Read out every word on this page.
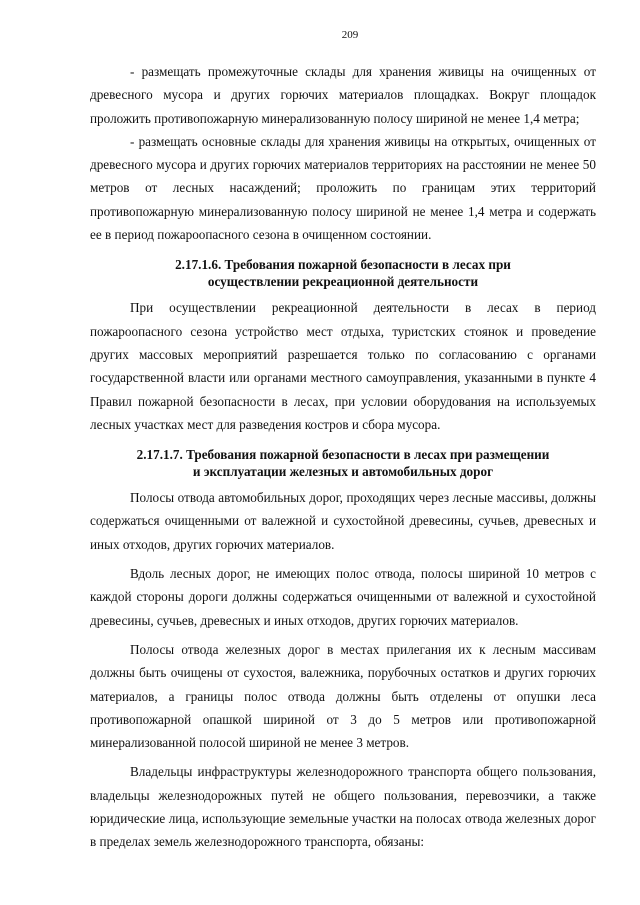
209

- размещать промежуточные склады для хранения живицы на очищенных от древесного мусора и других горючих материалов площадках. Вокруг площадок проложить противопожарную минерализованную полосу шириной не менее 1,4 метра;

- размещать основные склады для хранения живицы на открытых, очищенных от древесного мусора и других горючих материалов территориях на расстоянии не менее 50 метров от лесных насаждений; проложить по границам этих территорий противопожарную минерализованную полосу шириной не менее 1,4 метра и содержать ее в период пожароопасного сезона в очищенном состоянии.

2.17.1.6. Требования пожарной безопасности в лесах при
осуществлении рекреационной деятельности

При осуществлении рекреационной деятельности в лесах в период пожароопасного сезона устройство мест отдыха, туристских стоянок и проведение других массовых мероприятий разрешается только по согласованию с органами государственной власти или органами местного самоуправления, указанными в пункте 4 Правил пожарной безопасности в лесах, при условии оборудования на используемых лесных участках мест для разведения костров и сбора мусора.

2.17.1.7. Требования пожарной безопасности в лесах при размещении
и эксплуатации железных и автомобильных дорог

Полосы отвода автомобильных дорог, проходящих через лесные массивы, должны содержаться очищенными от валежной и сухостойной древесины, сучьев, древесных и иных отходов, других горючих материалов.

Вдоль лесных дорог, не имеющих полос отвода, полосы шириной 10 метров с каждой стороны дороги должны содержаться очищенными от валежной и сухостойной древесины, сучьев, древесных и иных отходов, других горючих материалов.

Полосы отвода железных дорог в местах прилегания их к лесным массивам должны быть очищены от сухостоя, валежника, порубочных остатков и других горючих материалов, а границы полос отвода должны быть отделены от опушки леса противопожарной опашкой шириной от 3 до 5 метров или противопожарной минерализованной полосой шириной не менее 3 метров.

Владельцы инфраструктуры железнодорожного транспорта общего пользования, владельцы железнодорожных путей не общего пользования, перевозчики, а также юридические лица, использующие земельные участки на полосах отвода железных дорог в пределах земель железнодорожного транспорта, обязаны:
